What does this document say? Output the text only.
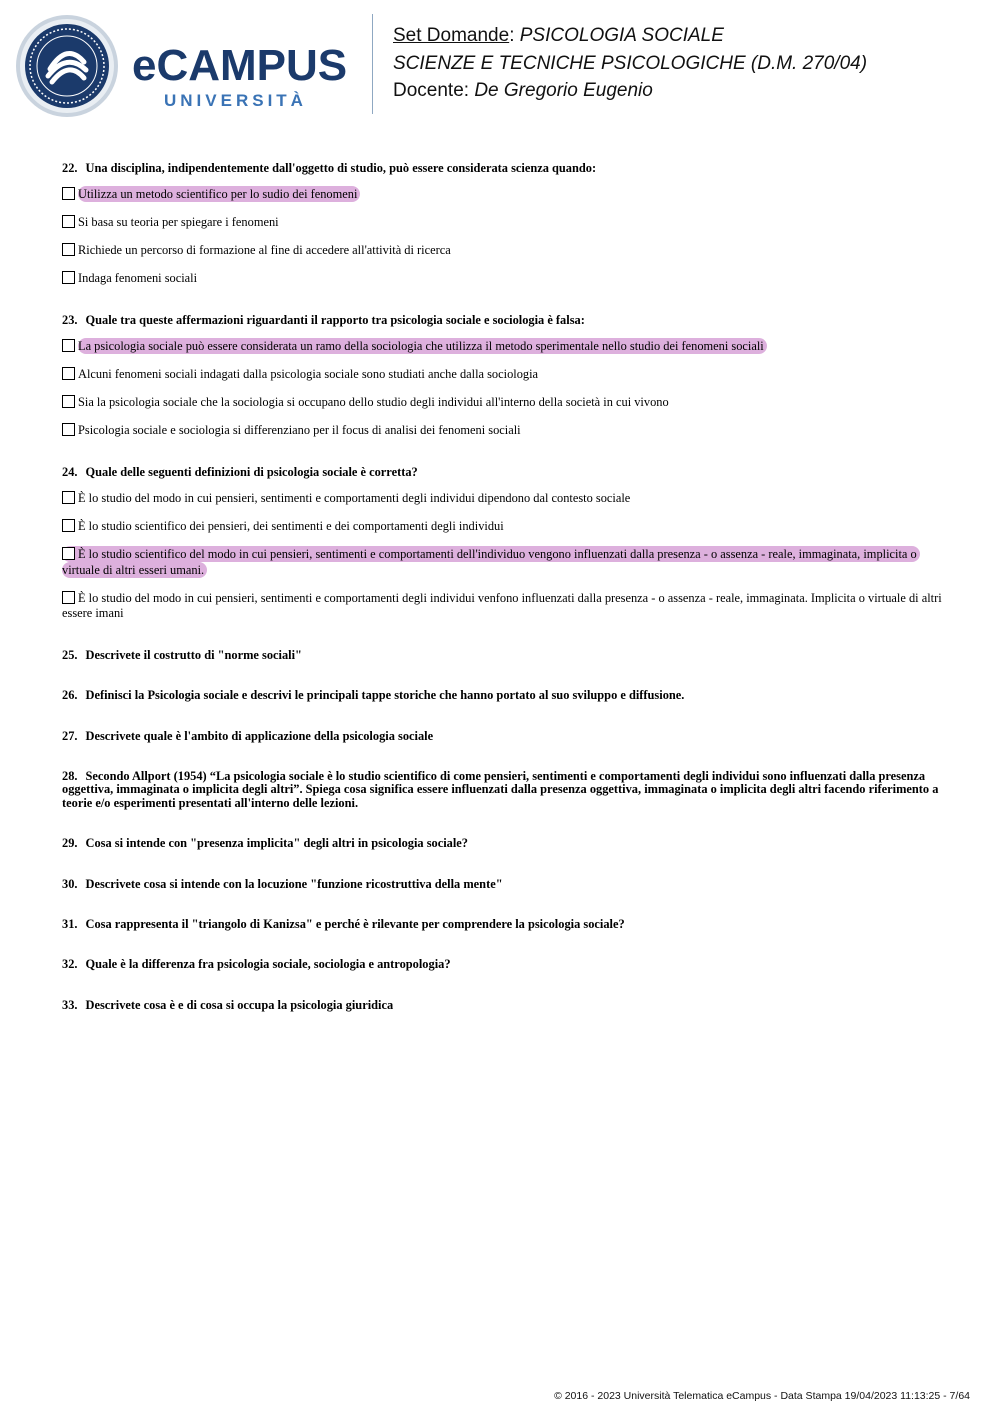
eCAMPUS
UNIVERSITÀ
Set Domande: PSICOLOGIA SOCIALE
SCIENZE E TECNICHE PSICOLOGICHE (D.M. 270/04)
Docente: De Gregorio Eugenio

22. Una disciplina, indipendentemente dall'oggetto di studio, può essere considerata scienza quando:

Utilizza un metodo scientifico per lo sudio dei fenomeni
Si basa su teoria per spiegare i fenomeni
Richiede un percorso di formazione al fine di accedere all'attività di ricerca
Indaga fenomeni sociali

23. Quale tra queste affermazioni riguardanti il rapporto tra psicologia sociale e sociologia è falsa:

La psicologia sociale può essere considerata un ramo della sociologia che utilizza il metodo sperimentale nello studio dei fenomeni sociali
Alcuni fenomeni sociali indagati dalla psicologia sociale sono studiati anche dalla sociologia
Sia la psicologia sociale che la sociologia si occupano dello studio degli individui all'interno della società in cui vivono
Psicologia sociale e sociologia si differenziano per il focus di analisi dei fenomeni sociali

24. Quale delle seguenti definizioni di psicologia sociale è corretta?

È lo studio del modo in cui pensieri, sentimenti e comportamenti degli individui dipendono dal contesto sociale
È lo studio scientifico dei pensieri, dei sentimenti e dei comportamenti degli individui
È lo studio scientifico del modo in cui pensieri, sentimenti e comportamenti dell'individuo vengono influenzati dalla presenza - o assenza - reale, immaginata, implicita o virtuale di altri esseri umani.
È lo studio del modo in cui pensieri, sentimenti e comportamenti degli individui venfono influenzati dalla presenza - o assenza - reale, immaginata. Implicita o virtuale di altri essere imani

25. Descrivete il costrutto di "norme sociali"

26. Definisci la Psicologia sociale e descrivi le principali tappe storiche che hanno portato al suo sviluppo e diffusione.

27. Descrivete quale è l'ambito di applicazione della psicologia sociale

28. Secondo Allport (1954) “La psicologia sociale è lo studio scientifico di come pensieri, sentimenti e comportamenti degli individui sono influenzati dalla presenza oggettiva, immaginata o implicita degli altri”. Spiega cosa significa essere influenzati dalla presenza oggettiva, immaginata o implicita degli altri facendo riferimento a teorie e/o esperimenti presentati all'interno delle lezioni.

29. Cosa si intende con "presenza implicita" degli altri in psicologia sociale?

30. Descrivete cosa si intende con la locuzione "funzione ricostruttiva della mente"

31. Cosa rappresenta il "triangolo di Kanizsa" e perché è rilevante per comprendere la psicologia sociale?

32. Quale è la differenza fra psicologia sociale, sociologia e antropologia?

33. Descrivete cosa è e di cosa si occupa la psicologia giuridica

© 2016 - 2023 Università Telematica eCampus - Data Stampa 19/04/2023 11:13:25 - 7/64
